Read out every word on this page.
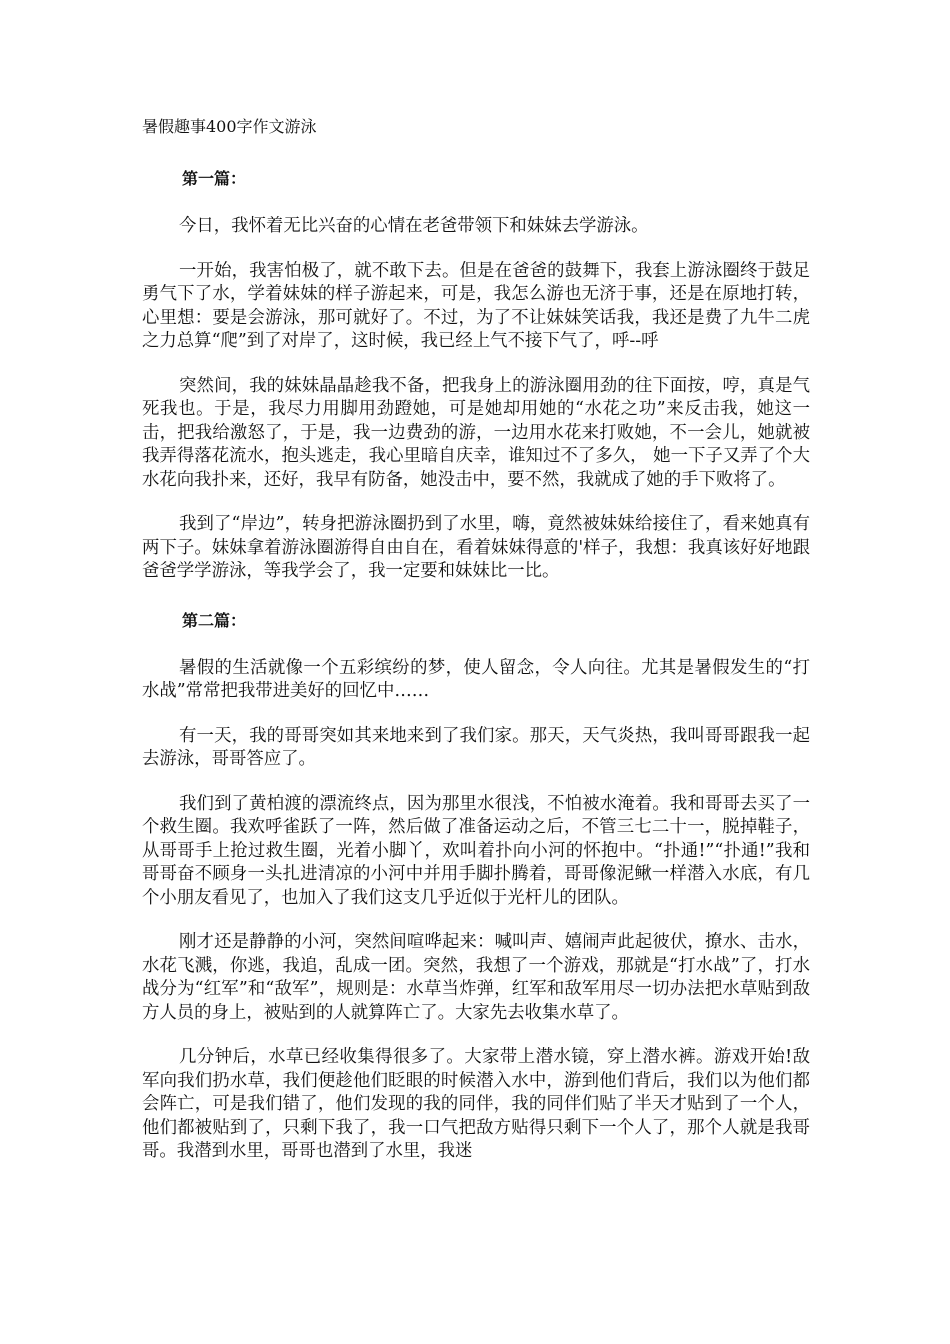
暑假趣事400字作文游泳
第一篇：

今日，我怀着无比兴奋的心情在老爸带领下和妹妹去学游泳。

一开始，我害怕极了，就不敢下去。但是在爸爸的鼓舞下，我套上游泳圈终于鼓足勇气下了水，学着妹妹的样子游起来，可是，我怎么游也无济于事，还是在原地打转，心里想：要是会游泳，那可就好了。不过，为了不让妹妹笑话我，我还是费了九牛二虎之力总算“爬”到了对岸了，这时候，我已经上气不接下气了，呼--呼

突然间，我的妹妹晶晶趁我不备，把我身上的游泳圈用劲的往下面按，哼，真是气死我也。于是，我尽力用脚用劲蹬她，可是她却用她的“水花之功”来反击我，她这一击，把我给激怒了，于是，我一边费劲的游，一边用水花来打败她，不一会儿，她就被我弄得落花流水，抱头逃走，我心里暗自庆幸，谁知过不了多久， 她一下子又弄了个大水花向我扑来，还好，我早有防备，她没击中，要不然，我就成了她的手下败将了。

我到了“岸边”，转身把游泳圈扔到了水里，嗨，竟然被妹妹给接住了，看来她真有两下子。妹妹拿着游泳圈游得自由自在，看着妹妹得意的'样子，我想：我真该好好地跟爸爸学学游泳，等我学会了，我一定要和妹妹比一比。

第二篇：

暑假的生活就像一个五彩缤纷的梦，使人留念，令人向往。尤其是暑假发生的“打水战”常常把我带进美好的回忆中……

有一天，我的哥哥突如其来地来到了我们家。那天，天气炎热，我叫哥哥跟我一起去游泳，哥哥答应了。

我们到了黄柏渡的漂流终点，因为那里水很浅，不怕被水淹着。我和哥哥去买了一个救生圈。我欢呼雀跃了一阵，然后做了准备运动之后，不管三七二十一，脱掉鞋子，从哥哥手上抢过救生圈，光着小脚丫，欢叫着扑向小河的怀抱中。“扑通!”“扑通!”我和哥哥奋不顾身一头扎进清凉的小河中并用手脚扑腾着，哥哥像泥鳅一样潜入水底，有几个小朋友看见了，也加入了我们这支几乎近似于光杆儿的团队。

刚才还是静静的小河，突然间喧哗起来：喊叫声、嬉闹声此起彼伏，撩水、击水，水花飞溅，你逃，我追，乱成一团。突然，我想了一个游戏，那就是“打水战”了，打水战分为“红军”和“敌军”，规则是：水草当炸弹，红军和敌军用尽一切办法把水草贴到敌方人员的身上，被贴到的人就算阵亡了。大家先去收集水草了。

几分钟后，水草已经收集得很多了。大家带上潜水镜，穿上潜水裤。游戏开始!敌军向我们扔水草，我们便趁他们眨眼的时候潜入水中，游到他们背后，我们以为他们都会阵亡，可是我们错了，他们发现的我的同伴，我的同伴们贴了半天才贴到了一个人，他们都被贴到了，只剩下我了，我一口气把敌方贴得只剩下一个人了，那个人就是我哥哥。我潜到水里，哥哥也潜到了水里，我迷
